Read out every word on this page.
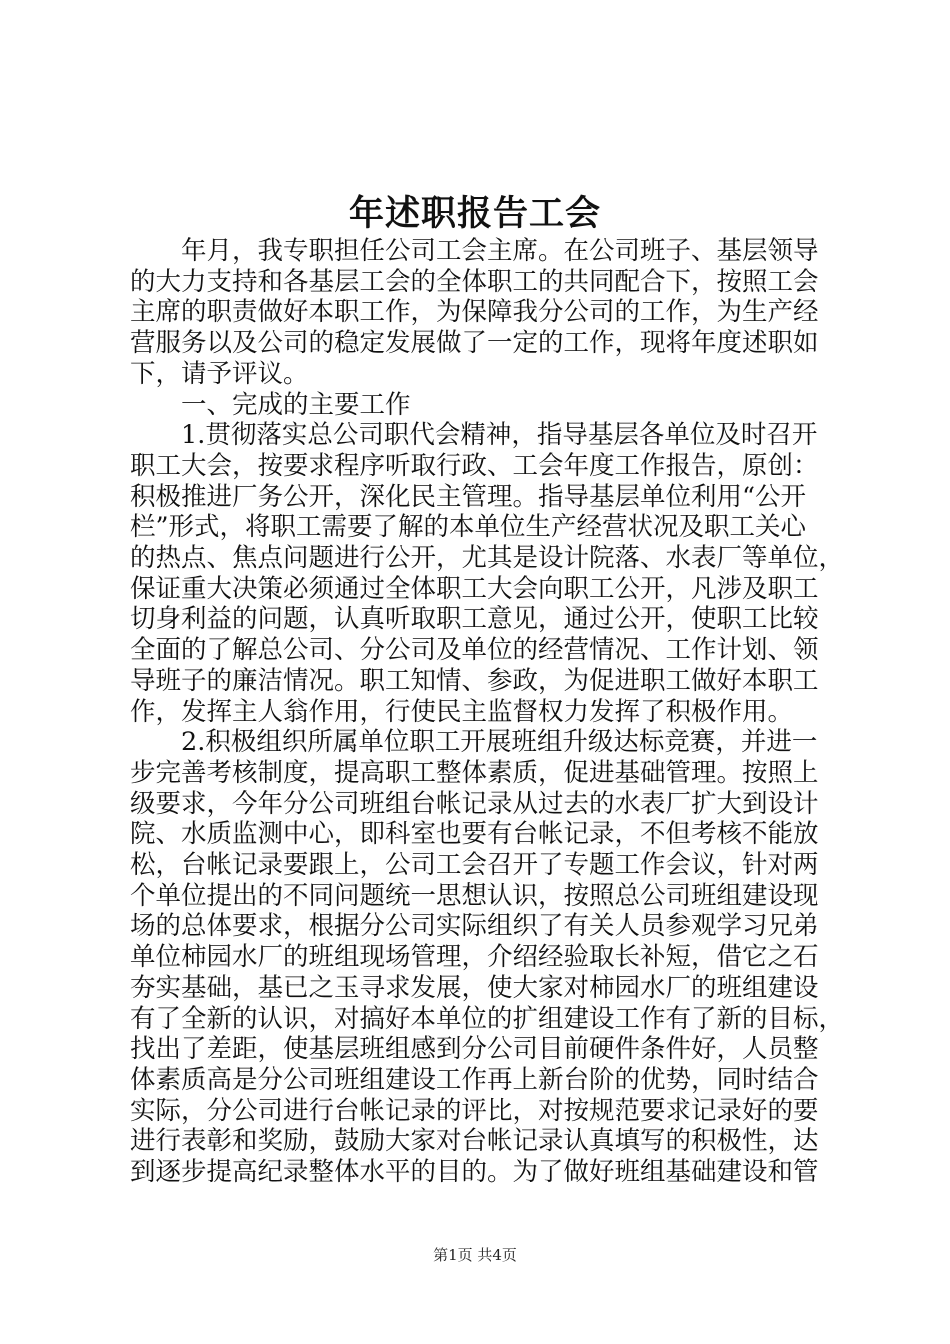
年述职报告工会

年月，我专职担任公司工会主席。在公司班子、基层领导

的大力支持和各基层工会的全体职工的共同配合下，按照工会

主席的职责做好本职工作，为保障我分公司的工作，为生产经

营服务以及公司的稳定发展做了一定的工作，现将年度述职如

下，请予评议。

一、完成的主要工作

1.贯彻落实总公司职代会精神，指导基层各单位及时召开

职工大会，按要求程序听取行政、工会年度工作报告，原创：

积极推进厂务公开，深化民主管理。指导基层单位利用“公开

栏”形式，将职工需要了解的本单位生产经营状况及职工关心

的热点、焦点问题进行公开，尤其是设计院落、水表厂等单位，

保证重大决策必须通过全体职工大会向职工公开，凡涉及职工

切身利益的问题，认真听取职工意见，通过公开，使职工比较

全面的了解总公司、分公司及单位的经营情况、工作计划、领

导班子的廉洁情况。职工知情、参政，为促进职工做好本职工

作，发挥主人翁作用，行使民主监督权力发挥了积极作用。

2.积极组织所属单位职工开展班组升级达标竞赛，并进一

步完善考核制度，提高职工整体素质，促进基础管理。按照上

级要求，今年分公司班组台帐记录从过去的水表厂扩大到设计

院、水质监测中心，即科室也要有台帐记录，不但考核不能放

松，台帐记录要跟上，公司工会召开了专题工作会议，针对两

个单位提出的不同问题统一思想认识，按照总公司班组建设现

场的总体要求，根据分公司实际组织了有关人员参观学习兄弟

单位柿园水厂的班组现场管理，介绍经验取长补短，借它之石

夯实基础，基已之玉寻求发展，使大家对柿园水厂的班组建设

有了全新的认识，对搞好本单位的扩组建设工作有了新的目标，

找出了差距，使基层班组感到分公司目前硬件条件好，人员整

体素质高是分公司班组建设工作再上新台阶的优势，同时结合

实际，分公司进行台帐记录的评比，对按规范要求记录好的要

进行表彰和奖励，鼓励大家对台帐记录认真填写的积极性，达

到逐步提高纪录整体水平的目的。为了做好班组基础建设和管

第1页 共4页
